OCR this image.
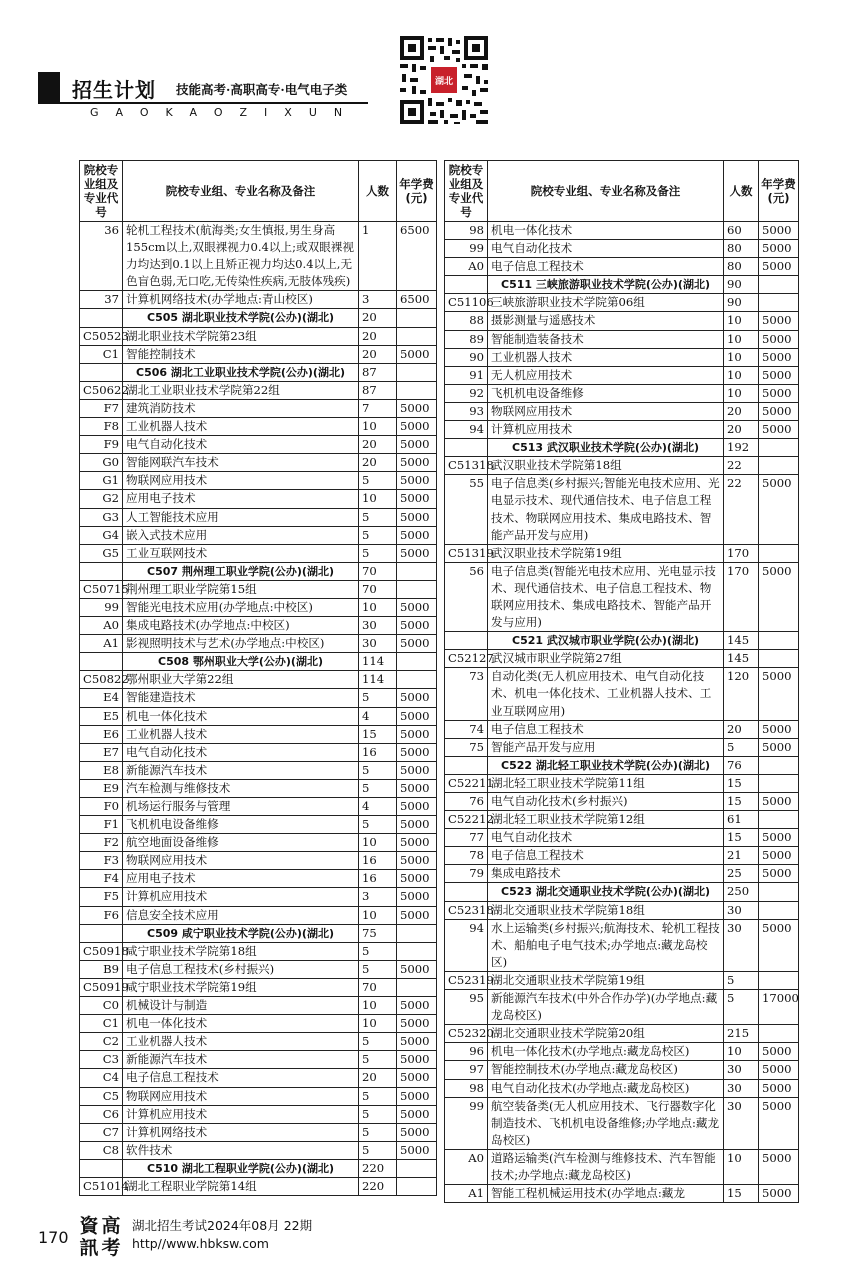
招生计划 技能高考·高职高专·电气电子类
GAOKAOZIXUN
湖北
院校专业组及专业代号	院校专业组、专业名称及备注	人数	年学费(元)
36	轮机工程技术(航海类;女生慎报,男生身高155cm以上,双眼裸视力0.4以上;或双眼裸视力均达到0.1以上且矫正视力均达0.4以上,无色盲色弱,无口吃,无传染性疾病,无肢体残疾)	1	6500
37	计算机网络技术(办学地点:青山校区)	3	6500
	C505 湖北职业技术学院(公办)(湖北)	20	
C50523	湖北职业技术学院第23组	20	
C1	智能控制技术	20	5000
	C506 湖北工业职业技术学院(公办)(湖北)	87	
C50622	湖北工业职业技术学院第22组	87	
F7	建筑消防技术	7	5000
F8	工业机器人技术	10	5000
F9	电气自动化技术	20	5000
G0	智能网联汽车技术	20	5000
G1	物联网应用技术	5	5000
G2	应用电子技术	10	5000
G3	人工智能技术应用	5	5000
G4	嵌入式技术应用	5	5000
G5	工业互联网技术	5	5000
	C507 荆州理工职业学院(公办)(湖北)	70	
C50715	荆州理工职业学院第15组	70	
99	智能光电技术应用(办学地点:中校区)	10	5000
A0	集成电路技术(办学地点:中校区)	30	5000
A1	影视照明技术与艺术(办学地点:中校区)	30	5000
	C508 鄂州职业大学(公办)(湖北)	114	
C50822	鄂州职业大学第22组	114	
E4	智能建造技术	5	5000
E5	机电一体化技术	4	5000
E6	工业机器人技术	15	5000
E7	电气自动化技术	16	5000
E8	新能源汽车技术	5	5000
E9	汽车检测与维修技术	5	5000
F0	机场运行服务与管理	4	5000
F1	飞机机电设备维修	5	5000
F2	航空地面设备维修	10	5000
F3	物联网应用技术	16	5000
F4	应用电子技术	16	5000
F5	计算机应用技术	3	5000
F6	信息安全技术应用	10	5000
	C509 咸宁职业技术学院(公办)(湖北)	75	
C50918	咸宁职业技术学院第18组	5	
B9	电子信息工程技术(乡村振兴)	5	5000
C50919	咸宁职业技术学院第19组	70	
C0	机械设计与制造	10	5000
C1	机电一体化技术	10	5000
C2	工业机器人技术	5	5000
C3	新能源汽车技术	5	5000
C4	电子信息工程技术	20	5000
C5	物联网应用技术	5	5000
C6	计算机应用技术	5	5000
C7	计算机网络技术	5	5000
C8	软件技术	5	5000
	C510 湖北工程职业学院(公办)(湖北)	220	
C51014	湖北工程职业学院第14组	220	
院校专业组及专业代号	院校专业组、专业名称及备注	人数	年学费(元)
98	机电一体化技术	60	5000
99	电气自动化技术	80	5000
A0	电子信息工程技术	80	5000
	C511 三峡旅游职业技术学院(公办)(湖北)	90	
C51106	三峡旅游职业技术学院第06组	90	
88	摄影测量与遥感技术	10	5000
89	智能制造装备技术	10	5000
90	工业机器人技术	10	5000
91	无人机应用技术	10	5000
92	飞机机电设备维修	10	5000
93	物联网应用技术	20	5000
94	计算机应用技术	20	5000
	C513 武汉职业技术学院(公办)(湖北)	192	
C51318	武汉职业技术学院第18组	22	
55	电子信息类(乡村振兴;智能光电技术应用、光电显示技术、现代通信技术、电子信息工程技术、物联网应用技术、集成电路技术、智能产品开发与应用)	22	5000
C51319	武汉职业技术学院第19组	170	
56	电子信息类(智能光电技术应用、光电显示技术、现代通信技术、电子信息工程技术、物联网应用技术、集成电路技术、智能产品开发与应用)	170	5000
	C521 武汉城市职业学院(公办)(湖北)	145	
C52127	武汉城市职业学院第27组	145	
73	自动化类(无人机应用技术、电气自动化技术、机电一体化技术、工业机器人技术、工业互联网应用)	120	5000
74	电子信息工程技术	20	5000
75	智能产品开发与应用	5	5000
	C522 湖北轻工职业技术学院(公办)(湖北)	76	
C52211	湖北轻工职业技术学院第11组	15	
76	电气自动化技术(乡村振兴)	15	5000
C52212	湖北轻工职业技术学院第12组	61	
77	电气自动化技术	15	5000
78	电子信息工程技术	21	5000
79	集成电路技术	25	5000
	C523 湖北交通职业技术学院(公办)(湖北)	250	
C52318	湖北交通职业技术学院第18组	30	
94	水上运输类(乡村振兴;航海技术、轮机工程技术、船舶电子电气技术;办学地点:藏龙岛校区)	30	5000
C52319	湖北交通职业技术学院第19组	5	
95	新能源汽车技术(中外合作办学)(办学地点:藏龙岛校区)	5	17000
C52320	湖北交通职业技术学院第20组	215	
96	机电一体化技术(办学地点:藏龙岛校区)	10	5000
97	智能控制技术(办学地点:藏龙岛校区)	30	5000
98	电气自动化技术(办学地点:藏龙岛校区)	30	5000
99	航空装备类(无人机应用技术、飞行器数字化制造技术、飞机机电设备维修;办学地点:藏龙岛校区)	30	5000
A0	道路运输类(汽车检测与维修技术、汽车智能技术;办学地点:藏龙岛校区)	10	5000
A1	智能工程机械运用技术(办学地点:藏龙	15	5000
170
資 高
訊 考
湖北招生考试2024年08月 22期
http//www.hbksw.com
